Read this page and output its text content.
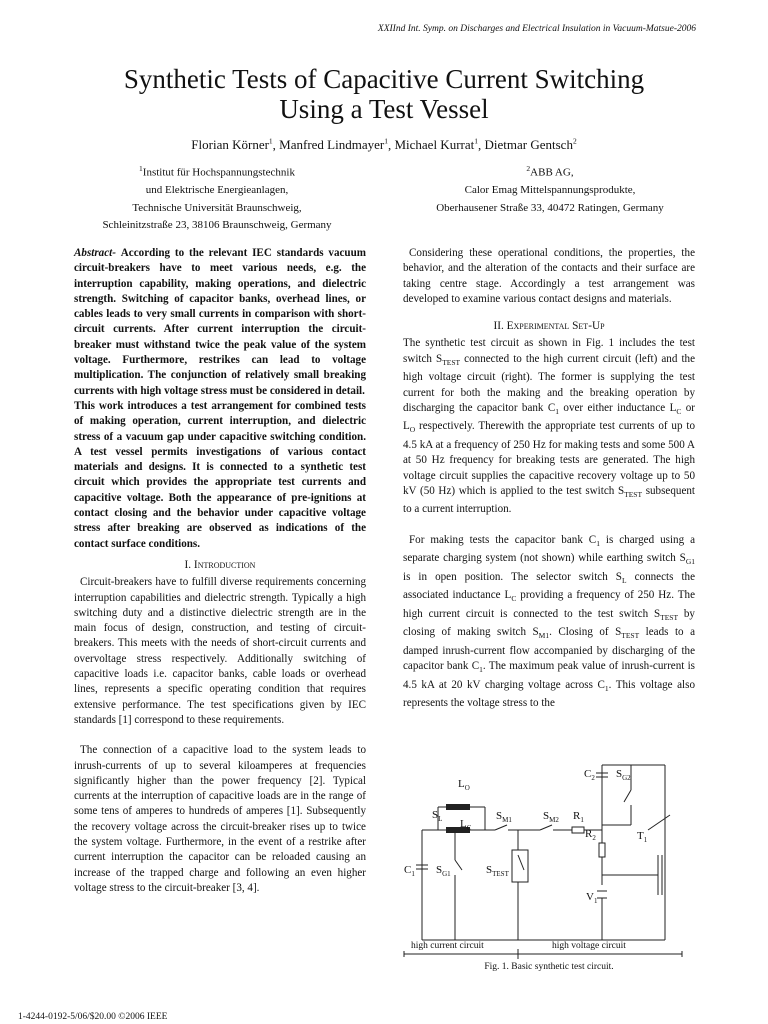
XXIInd Int. Symp. on Discharges and Electrical Insulation in Vacuum-Matsue-2006
Synthetic Tests of Capacitive Current Switching
Using a Test Vessel
Florian Körner$^1$, Manfred Lindmayer$^1$, Michael Kurrat$^1$, Dietmar Gentsch$^2$
$^1$Institut für Hochspannungstechnik
und Elektrische Energieanlagen,
Technische Universität Braunschweig,
Schleinitzstraße 23, 38106 Braunschweig, Germany
$^2$ABB AG,
Calor Emag Mittelspannungsprodukte,
Oberhausener Straße 33, 40472 Ratingen, Germany

Abstract- According to the relevant IEC standards vacuum circuit-breakers have to meet various needs, e.g. the interruption capability, making operations, and dielectric strength. Switching of capacitor banks, overhead lines, or cables leads to very small currents in comparison with short-circuit currents. After current interruption the circuit-breaker must withstand twice the peak value of the system voltage. Furthermore, restrikes can lead to voltage multiplication. The conjunction of relatively small breaking currents with high voltage stress must be considered in detail.

This work introduces a test arrangement for combined tests of making operation, current interruption, and dielectric stress of a vacuum gap under capacitive switching condition. A test vessel permits investigations of various contact materials and designs. It is connected to a synthetic test circuit which provides the appropriate test currents and capacitive voltage. Both the appearance of pre-ignitions at contact closing and the behavior under capacitive voltage stress after breaking are observed as indications of the contact surface conditions.

I. Introduction

Circuit-breakers have to fulfill diverse requirements concerning interruption capabilities and dielectric strength. Typically a high switching duty and a distinctive dielectric strength are in the main focus of design, construction, and testing of circuit-breakers. This meets with the needs of short-circuit currents and overvoltage stress respectively. Additionally switching of capacitive loads i.e. capacitor banks, cable loads or overhead lines, represents a specific operating condition that requires extensive performance. The test specifications given by IEC standards [1] correspond to these requirements.

The connection of a capacitive load to the system leads to inrush-currents of up to several kiloamperes at frequencies significantly higher than the power frequency [2]. Typical currents at the interruption of capacitive loads are in the range of some tens of amperes to hundreds of amperes [1]. Subsequently the recovery voltage across the circuit-breaker rises up to twice the system voltage. Furthermore, in the event of a restrike after current interruption the capacitor can be reloaded causing an increase of the trapped charge and following an even higher voltage stress to the circuit-breaker [3, 4].

Considering these operational conditions, the properties, the behavior, and the alteration of the contacts and their surface are taking centre stage. Accordingly a test arrangement was developed to examine various contact designs and materials.

II. Experimental Set-Up

The synthetic test circuit as shown in Fig. 1 includes the test switch $S_{TEST}$ connected to the high current circuit (left) and the high voltage circuit (right). The former is supplying the test current for both the making and the breaking operation by discharging the capacitor bank $C_1$ over either inductance $L_C$ or $L_O$ respectively. Therewith the appropriate test currents of up to 4.5 kA at a frequency of 250 Hz for making tests and some 500 A at 50 Hz frequency for breaking tests are generated. The high voltage circuit supplies the capacitive recovery voltage up to 50 kV (50 Hz) which is applied to the test switch $S_{TEST}$ subsequent to a current interruption.

For making tests the capacitor bank $C_1$ is charged using a separate charging system (not shown) while earthing switch $S_{G1}$ is in open position. The selector switch $S_L$ connects the associated inductance $L_C$ providing a frequency of 250 Hz. The high current circuit is connected to the test switch $S_{TEST}$ by closing of making switch $S_{M1}$. Closing of $S_{TEST}$ leads to a damped inrush-current flow accompanied by discharging of the capacitor bank $C_1$. The maximum peak value of inrush-current is 4.5 kA at 20 kV charging voltage across $C_1$. This voltage also represents the voltage stress to the

$C_2$ $S_{G2}$
$L_O$
$L_C$
$S_L$	$S_{M1}$	$S_{M2}$ $R_1$
$R_2$	$T_1$
$C_1$ $S_{G1}$	$S_{TEST}$
$V_1$
high current circuit	high voltage circuit
Fig. 1. Basic synthetic test circuit.
1-4244-0192-5/06/$20.00 ©2006 IEEE
